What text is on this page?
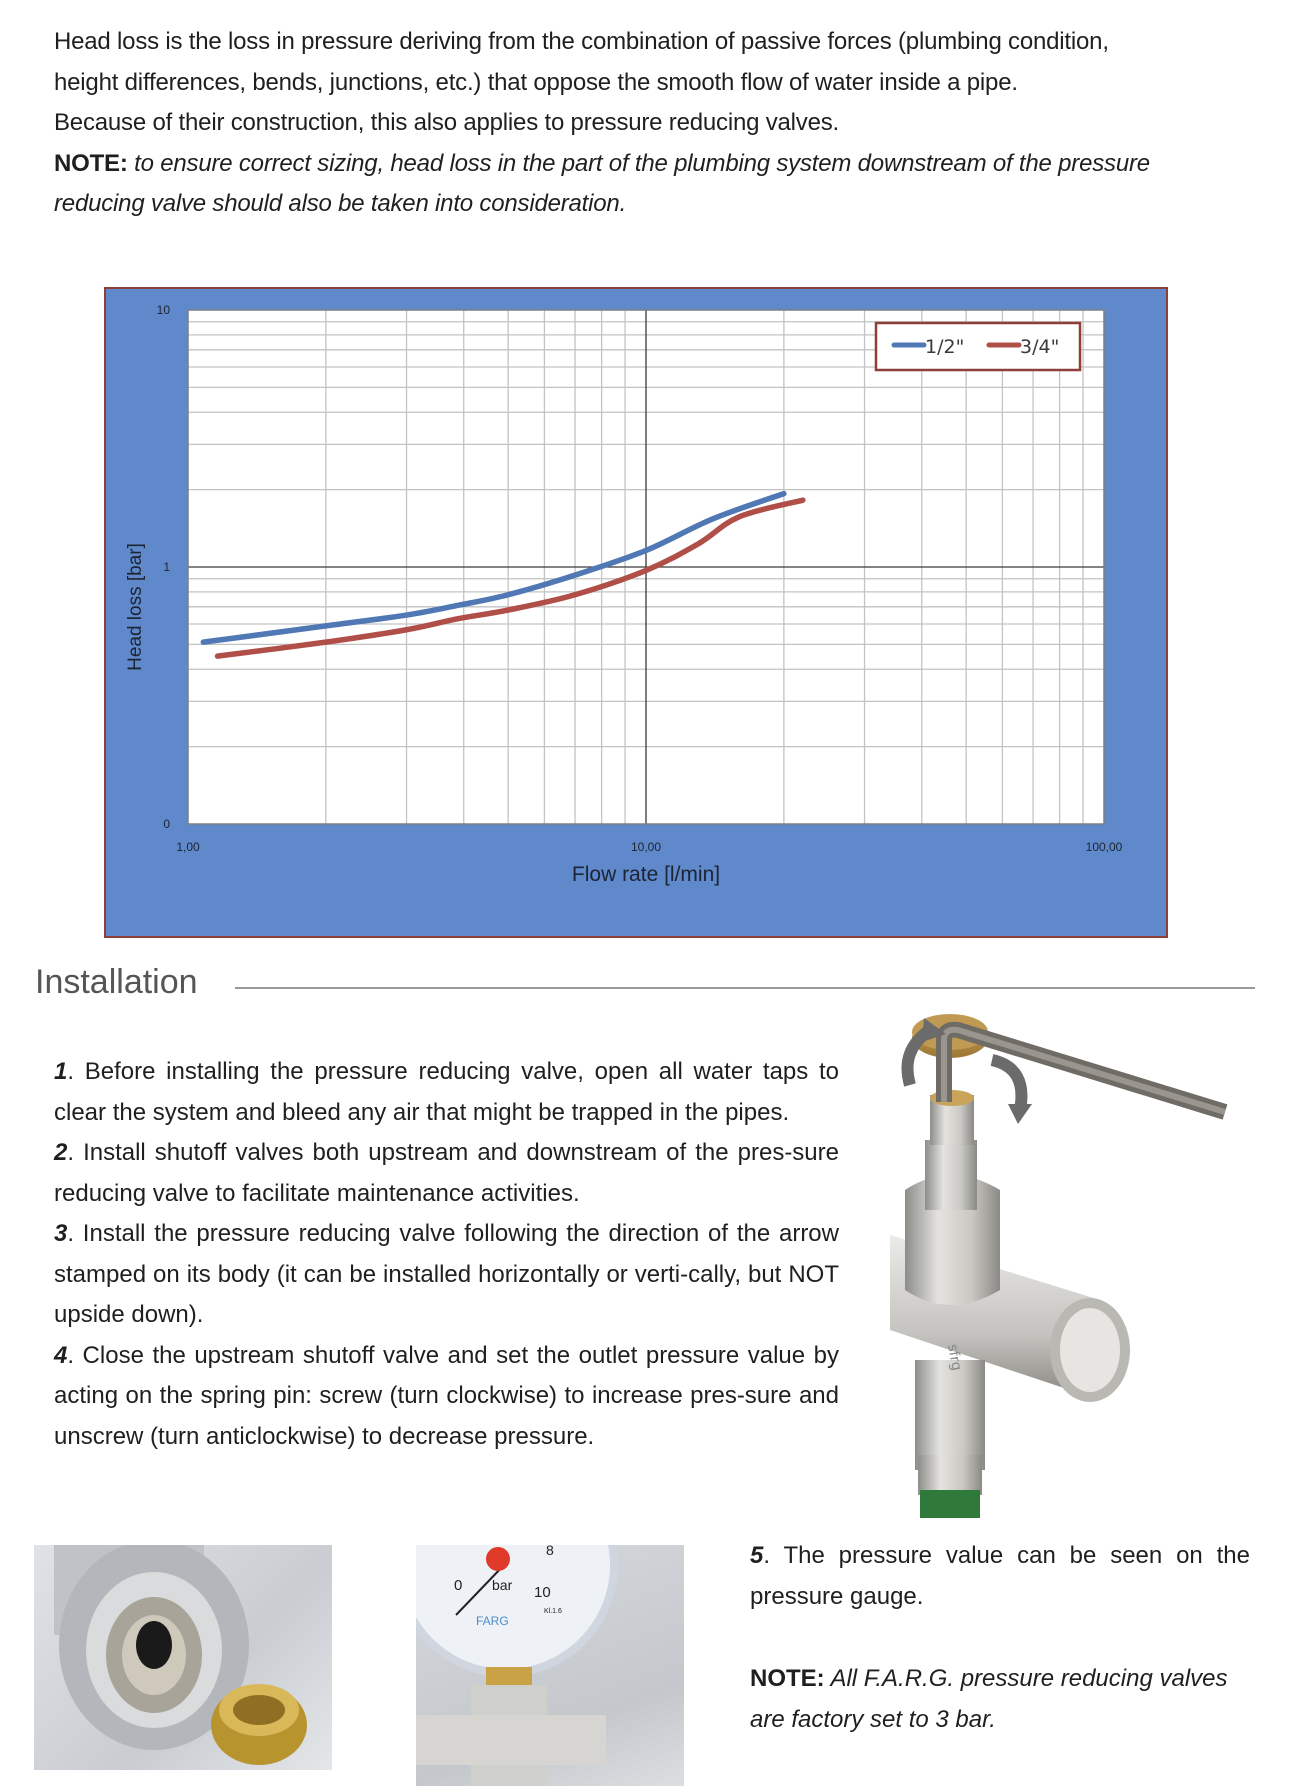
Head loss is the loss in pressure deriving from the combination of passive forces (plumbing condition,

height differences, bends, junctions, etc.) that oppose the smooth flow of water inside a pipe.

Because of their construction, this also applies to pressure reducing valves.

NOTE: to ensure correct sizing, head loss in the part of the plumbing system downstream of the pressure

reducing valve should also be taken into consideration.

0
1
10
1,00	10,00	100,00
Head loss [bar]
Flow rate [l/min]
1/2"	3/4"
Installation

1. Before installing the pressure reducing valve, open all water taps to clear the system and bleed any air that might be trapped in the pipes.

2. Install shutoff valves both upstream and downstream of the pres-sure reducing valve to facilitate maintenance activities.

3. Install the pressure reducing valve following the direction of the arrow stamped on its body (it can be installed horizontally or verti-cally, but NOT upside down).

4. Close the upstream shutoff valve and set the outlet pressure value by acting on the spring pin: screw (turn clockwise) to increase pres-sure and unscrew (turn anticlockwise) to decrease pressure.

sfrg
0 bar
8
10
Kl.1.6
FARG

5. The pressure value can be seen on the pressure gauge.

NOTE: All F.A.R.G. pressure reducing valves are factory set to 3 bar.
